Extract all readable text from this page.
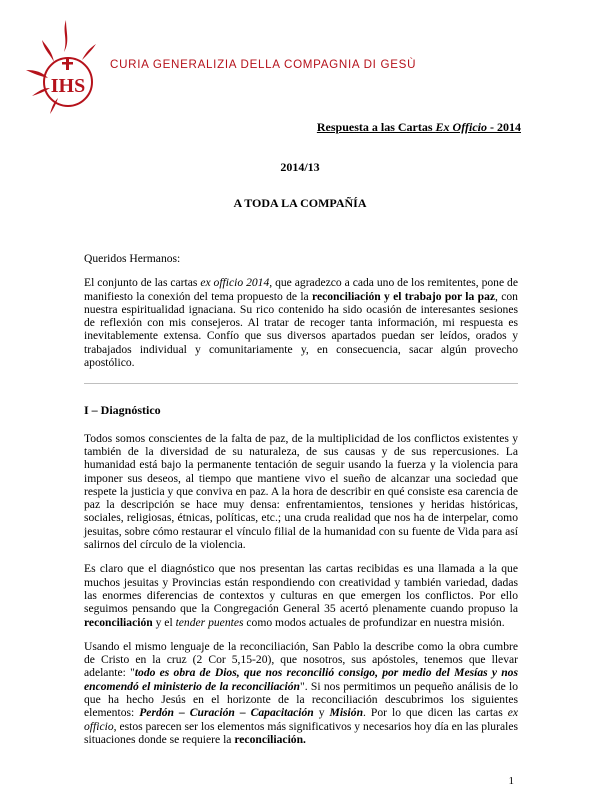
IHS
CURIA GENERALIZIA DELLA COMPAGNIA DI GESÙ
Respuesta a las Cartas Ex Officio - 2014
2014/13
A TODA LA COMPAÑÍA

Queridos Hermanos:

El conjunto de las cartas ex officio 2014, que agradezco a cada uno de los remitentes, pone de manifiesto la conexión del tema propuesto de la reconciliación y el trabajo por la paz, con nuestra espiritualidad ignaciana. Su rico contenido ha sido ocasión de interesantes sesiones de reflexión con mis consejeros. Al tratar de recoger tanta información, mi respuesta es inevitablemente extensa. Confío que sus diversos apartados puedan ser leídos, orados y trabajados individual y comunitariamente y, en consecuencia, sacar algún provecho apostólico.

I – Diagnóstico

Todos somos conscientes de la falta de paz, de la multiplicidad de los conflictos existentes y también de la diversidad de su naturaleza, de sus causas y de sus repercusiones. La humanidad está bajo la permanente tentación de seguir usando la fuerza y la violencia para imponer sus deseos, al tiempo que mantiene vivo el sueño de alcanzar una sociedad que respete la justicia y que conviva en paz. A la hora de describir en qué consiste esa carencia de paz la descripción se hace muy densa: enfrentamientos, tensiones y heridas históricas, sociales, religiosas, étnicas, políticas, etc.; una cruda realidad que nos ha de interpelar, como jesuitas, sobre cómo restaurar el vínculo filial de la humanidad con su fuente de Vida para así salirnos del círculo de la violencia.

Es claro que el diagnóstico que nos presentan las cartas recibidas es una llamada a la que muchos jesuitas y Provincias están respondiendo con creatividad y también variedad, dadas las enormes diferencias de contextos y culturas en que emergen los conflictos. Por ello seguimos pensando que la Congregación General 35 acertó plenamente cuando propuso la reconciliación y el tender puentes como modos actuales de profundizar en nuestra misión.

Usando el mismo lenguaje de la reconciliación, San Pablo la describe como la obra cumbre de Cristo en la cruz (2 Cor 5,15-20), que nosotros, sus apóstoles, tenemos que llevar adelante: "todo es obra de Dios, que nos reconcilió consigo, por medio del Mesías y nos encomendó el ministerio de la reconciliación". Si nos permitimos un pequeño análisis de lo que ha hecho Jesús en el horizonte de la reconciliación descubrimos los siguientes elementos: Perdón – Curación – Capacitación y Misión. Por lo que dicen las cartas ex officio, estos parecen ser los elementos más significativos y necesarios hoy día en las plurales situaciones donde se requiere la reconciliación.

1
